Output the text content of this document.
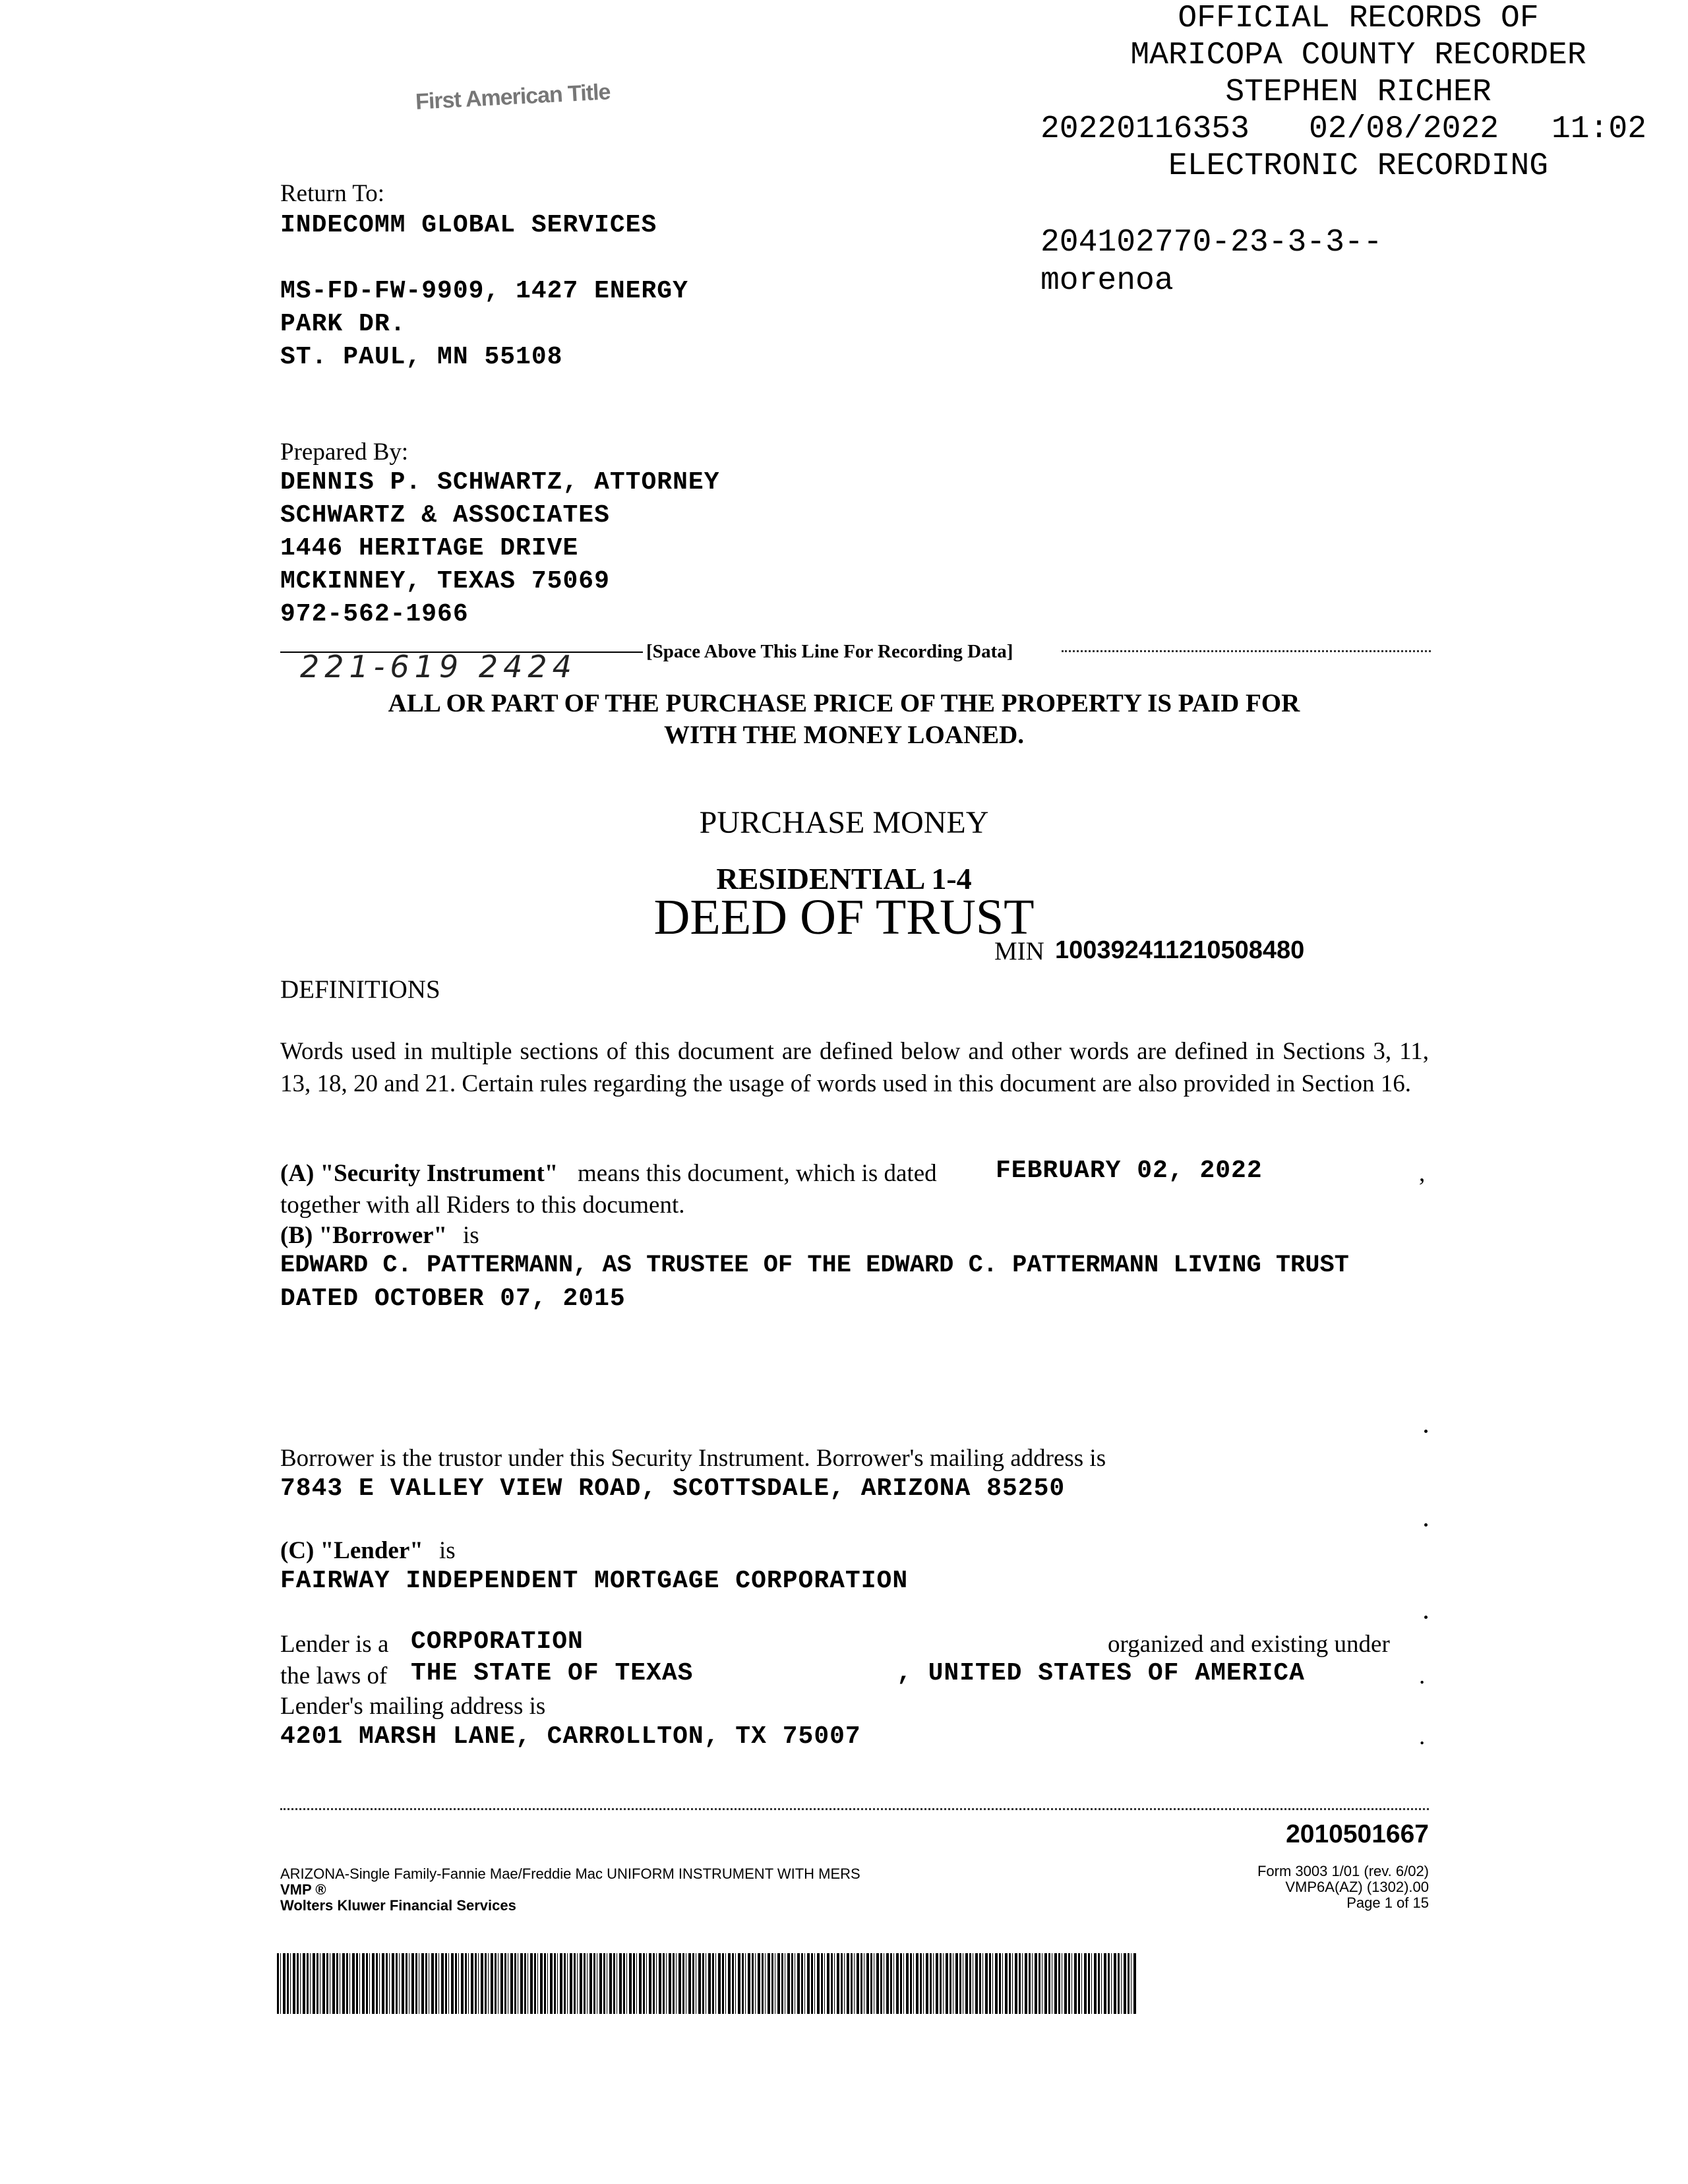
First American Title
OFFICIAL RECORDS OF
MARICOPA COUNTY RECORDER
STEPHEN RICHER
20220116353 02/08/2022 11:02
ELECTRONIC RECORDING
204102770-23-3-3--
morenoa
Return To:
INDECOMM GLOBAL SERVICES
MS-FD-FW-9909, 1427 ENERGY
PARK DR.
ST. PAUL, MN 55108
Prepared By:
DENNIS P. SCHWARTZ, ATTORNEY
SCHWARTZ & ASSOCIATES
1446 HERITAGE DRIVE
MCKINNEY, TEXAS 75069
972-562-1966
221-619 2424	[Space Above This Line For Recording Data]
ALL OR PART OF THE PURCHASE PRICE OF THE PROPERTY IS PAID FOR
WITH THE MONEY LOANED.
PURCHASE MONEY
RESIDENTIAL 1-4
DEED OF TRUST
MIN 100392411210508480
DEFINITIONS
Words used in multiple sections of this document are defined below and other words are defined in Sections 3, 11, 13, 18, 20 and 21. Certain rules regarding the usage of words used in this document are also provided in Section 16.
(A) "Security Instrument" means this document, which is dated FEBRUARY 02, 2022	,
together with all Riders to this document.
(B) "Borrower" is
EDWARD C. PATTERMANN, AS TRUSTEE OF THE EDWARD C. PATTERMANN LIVING TRUST
DATED OCTOBER 07, 2015
Borrower is the trustor under this Security Instrument. Borrower's mailing address is
7843 E VALLEY VIEW ROAD, SCOTTSDALE, ARIZONA 85250
(C) "Lender" is
FAIRWAY INDEPENDENT MORTGAGE CORPORATION
Lender is a CORPORATION	organized and existing under
the laws of THE STATE OF TEXAS	, UNITED STATES OF AMERICA	.
Lender's mailing address is
4201 MARSH LANE, CARROLLTON, TX 75007	.
2010501667
ARIZONA-Single Family-Fannie Mae/Freddie Mac UNIFORM INSTRUMENT WITH MERS
VMP ®
Wolters Kluwer Financial Services
Form 3003 1/01 (rev. 6/02)
VMP6A(AZ) (1302).00
Page 1 of 15
